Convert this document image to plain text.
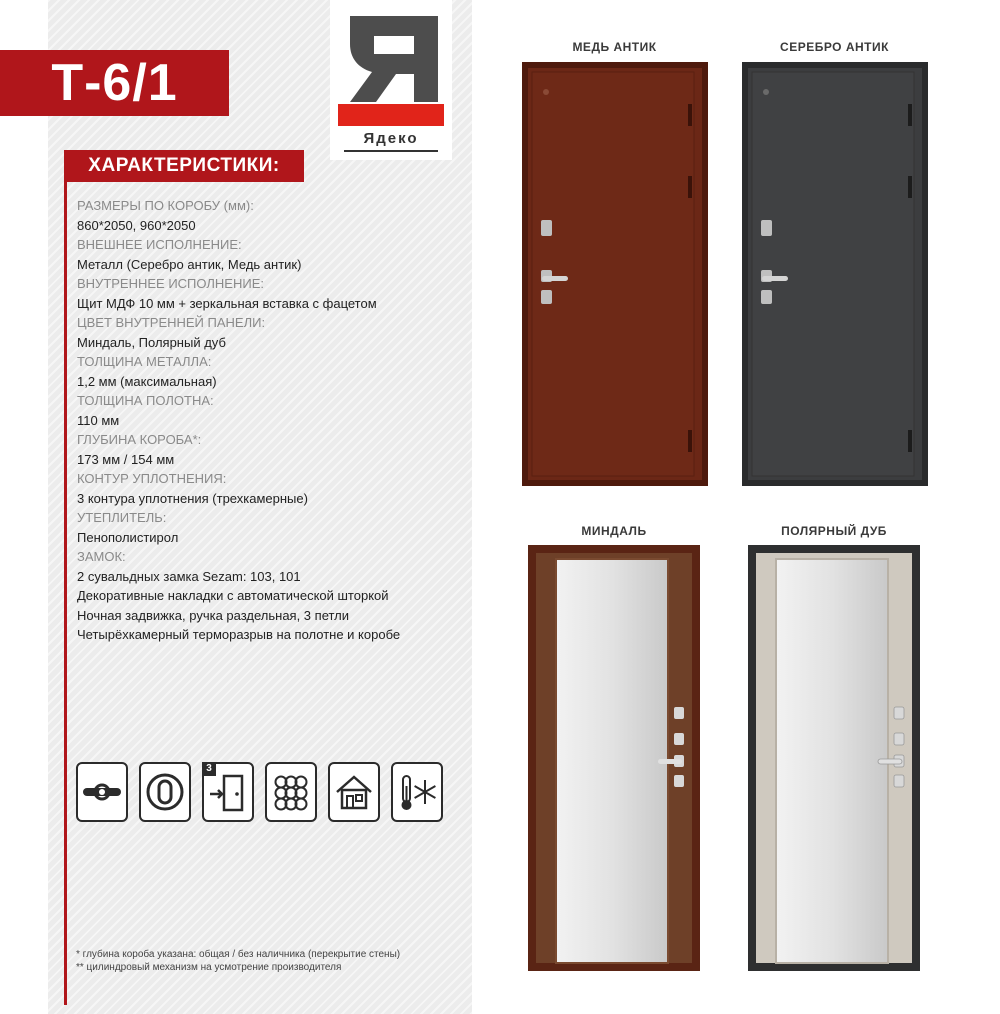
Т-6/1
Ядеко
ХАРАКТЕРИСТИКИ:
РАЗМЕРЫ ПО КОРОБУ (мм):
860*2050, 960*2050
ВНЕШНЕЕ ИСПОЛНЕНИЕ:
Металл (Серебро антик, Медь антик)
ВНУТРЕННЕЕ ИСПОЛНЕНИЕ:
Щит МДФ 10 мм + зеркальная вставка с фацетом
ЦВЕТ ВНУТРЕННЕЙ ПАНЕЛИ:
Миндаль, Полярный дуб
ТОЛЩИНА МЕТАЛЛА:
1,2 мм (максимальная)
ТОЛЩИНА ПОЛОТНА:
110 мм
ГЛУБИНА КОРОБА*:
173 мм / 154 мм
КОНТУР УПЛОТНЕНИЯ:
3 контура уплотнения (трехкамерные)
УТЕПЛИТЕЛЬ:
Пенополистирол
ЗАМОК:
2 сувальдных замка Sezam: 103, 101
Декоративные накладки с автоматической шторкой
Ночная задвижка, ручка раздельная, 3 петли
Четырёхкамерный терморазрыв на полотне и коробе
3
* глубина короба указана: общая / без наличника (перекрытие стены)
** цилиндровый механизм на усмотрение производителя
МЕДЬ АНТИК	СЕРЕБРО АНТИК
МИНДАЛЬ	ПОЛЯРНЫЙ ДУБ
